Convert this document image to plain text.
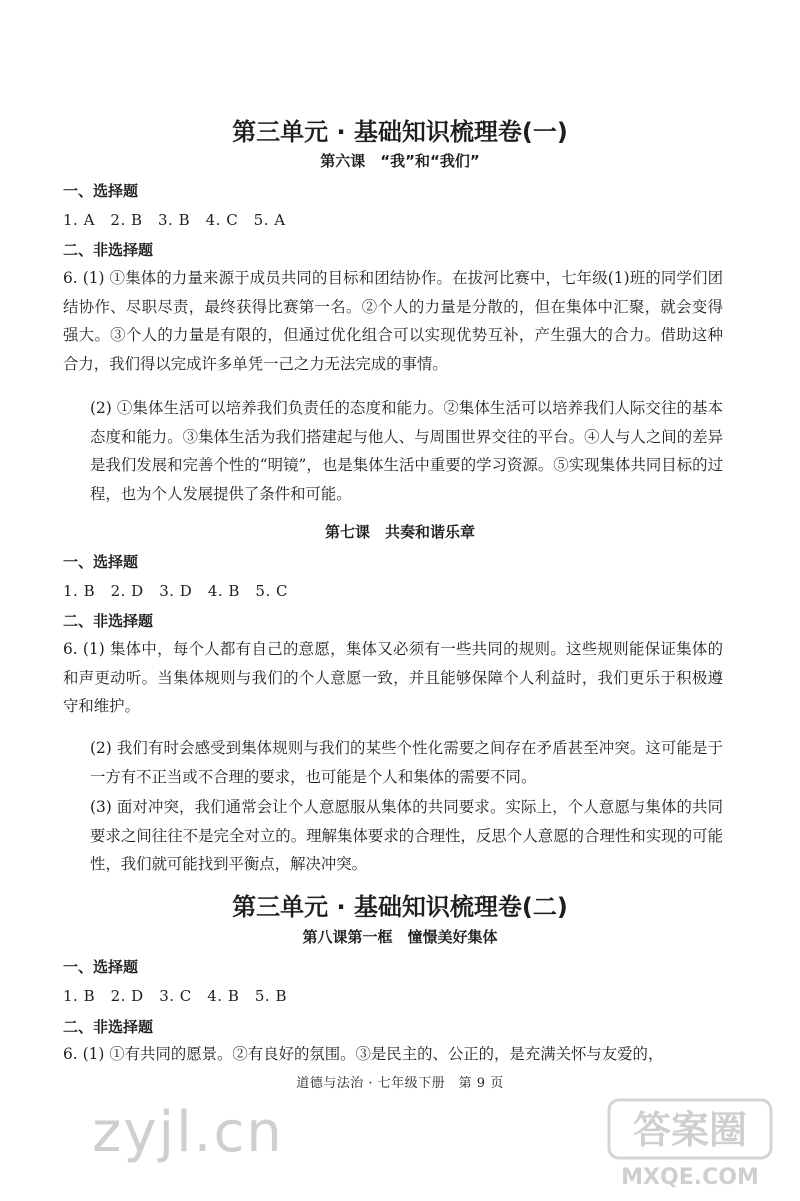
第三单元 · 基础知识梳理卷(一)
第六课　“我”和“我们”
一、选择题
1. A　2. B　3. B　4. C　5. A
二、非选择题
6. (1) ①集体的力量来源于成员共同的目标和团结协作。在拔河比赛中，七年级(1)班的同学们团结协作、尽职尽责，最终获得比赛第一名。②个人的力量是分散的，但在集体中汇聚，就会变得强大。③个人的力量是有限的，但通过优化组合可以实现优势互补，产生强大的合力。借助这种合力，我们得以完成许多单凭一己之力无法完成的事情。
(2) ①集体生活可以培养我们负责任的态度和能力。②集体生活可以培养我们人际交往的基本态度和能力。③集体生活为我们搭建起与他人、与周围世界交往的平台。④人与人之间的差异是我们发展和完善个性的“明镜”，也是集体生活中重要的学习资源。⑤实现集体共同目标的过程，也为个人发展提供了条件和可能。
第七课　共奏和谐乐章
一、选择题
1. B　2. D　3. D　4. B　5. C
二、非选择题
6. (1) 集体中，每个人都有自己的意愿，集体又必须有一些共同的规则。这些规则能保证集体的和声更动听。当集体规则与我们的个人意愿一致，并且能够保障个人利益时，我们更乐于积极遵守和维护。
(2) 我们有时会感受到集体规则与我们的某些个性化需要之间存在矛盾甚至冲突。这可能是于一方有不正当或不合理的要求，也可能是个人和集体的需要不同。
(3) 面对冲突，我们通常会让个人意愿服从集体的共同要求。实际上，个人意愿与集体的共同要求之间往往不是完全对立的。理解集体要求的合理性，反思个人意愿的合理性和实现的可能性，我们就可能找到平衡点，解决冲突。
第三单元 · 基础知识梳理卷(二)
第八课第一框　憧憬美好集体
一、选择题
1. B　2. D　3. C　4. B　5. B
二、非选择题
6. (1) ①有共同的愿景。②有良好的氛围。③是民主的、公正的，是充满关怀与友爱的，
道德与法治 · 七年级下册　第 9 页
zyjl.cn	答案圈
MXQE.COM
